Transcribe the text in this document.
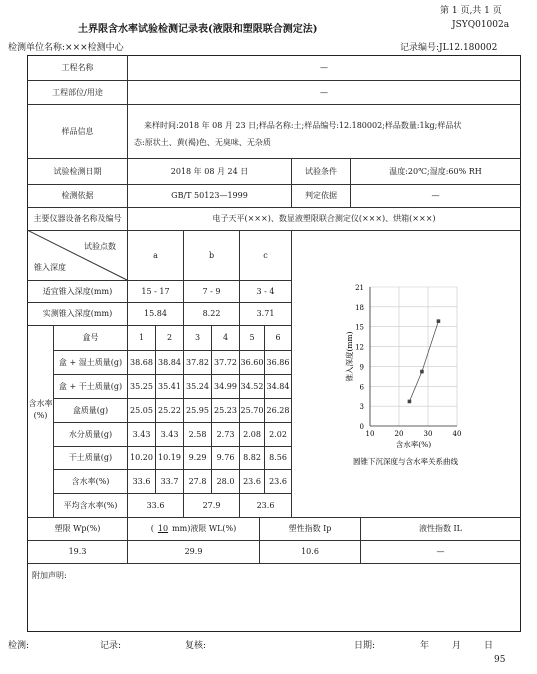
第 1 页,共 1 页
JSYQ01002a
土界限含水率试验检测记录表(液限和塑限联合测定法)
检测单位名称:×××检测中心	记录编号:JL12.180002
工程名称	—
工程部位/用途	—
样品信息
来样时间:2018 年 08 月 23 日;样品名称:土;样品编号:12.180002;样品数量:1kg;样品状
态:原状土、黄(褐)色、无臭味、无杂质
试验检测日期	2018 年 08 月 24 日	试验条件	温度:20℃;湿度:60% RH
检测依据	GB/T 50123—1999	判定依据	—
主要仪器设备名称及编号	电子天平(×××)、数显液塑限联合测定仪(×××)、烘箱(×××)
试验点数
锥入深度
a	b	c
适宜锥入深度(mm)	15 - 17	7 - 9	3 - 4
实测锥入深度(mm)	15.84	8.22	3.71
含水率
(%)
盒号	1	2	3	4	5	6
盒 + 湿土质量(g) 38.68 38.84 37.82 37.72 36.60 36.86
盒 + 干土质量(g) 35.25 35.41 35.24 34.99 34.52 34.84
盒质量(g)	25.05 25.22 25.95 25.23 25.70 26.28
水分质量(g)	3.43	3.43	2.58	2.73	2.08	2.02
干土质量(g)	10.20 10.19 9.29	9.76	8.82	8.56
含水率(%)	33.6	33.7	27.8	28.0	23.6	23.6
平均含水率(%)	33.6	27.9	23.6
0
3
6
9
12
15
18
21
10	20	30	40
含水率(%)
锥入深度(mm)
圆锥下沉深度与含水率关系曲线
塑限 Wp(%)	( 10 mm)液限 WL(%)	塑性指数 Ip	液性指数 IL
19.3	29.9	10.6	—
附加声明:
检测:	记录:	复核:	日期:	年	月	日
95
